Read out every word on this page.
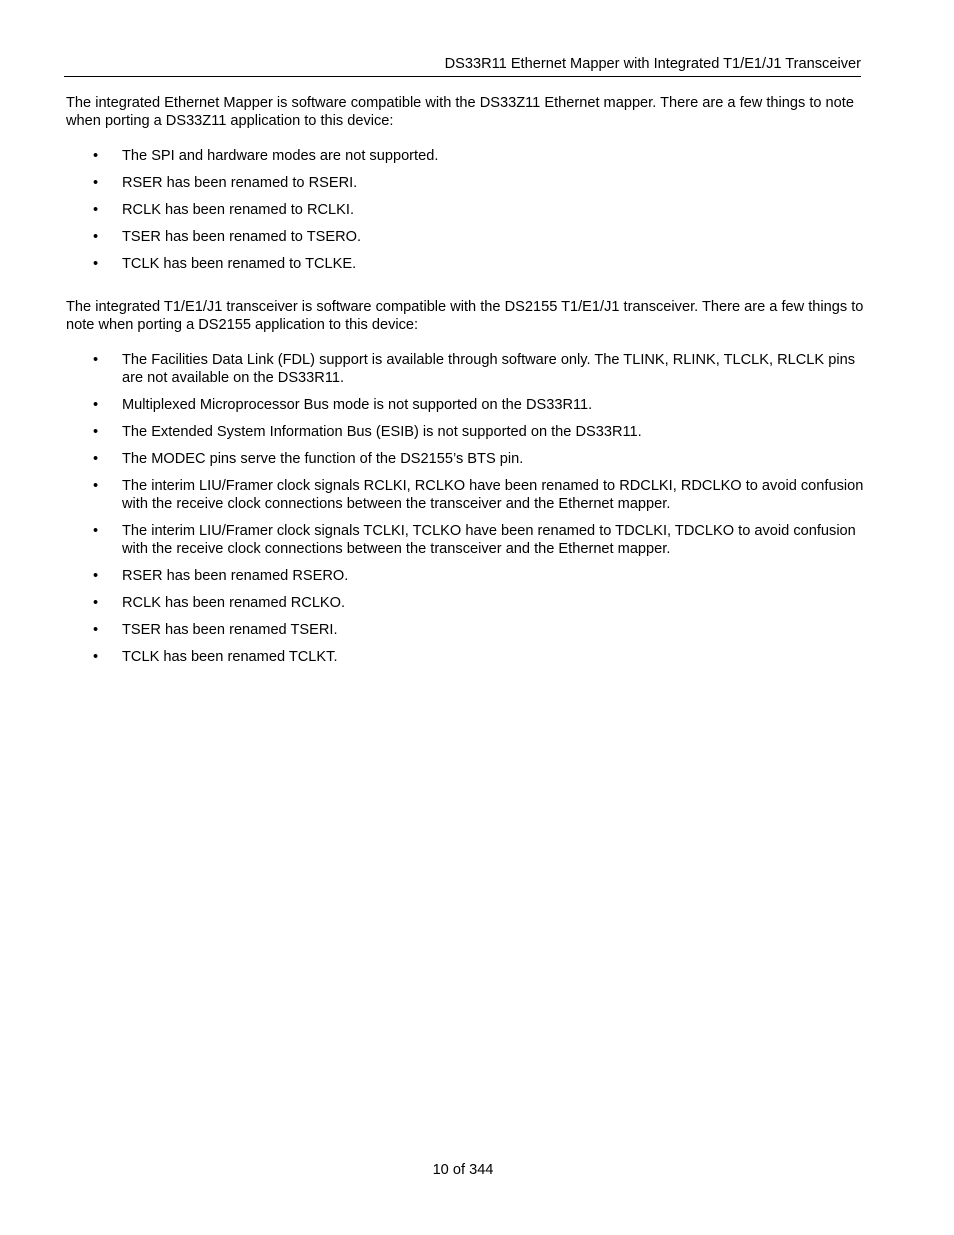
DS33R11 Ethernet Mapper with Integrated T1/E1/J1 Transceiver

The integrated Ethernet Mapper is software compatible with the DS33Z11 Ethernet mapper. There are a few things to note when porting a DS33Z11 application to this device:

• The SPI and hardware modes are not supported.
• RSER has been renamed to RSERI.
• RCLK has been renamed to RCLKI.
• TSER has been renamed to TSERO.
• TCLK has been renamed to TCLKE.

The integrated T1/E1/J1 transceiver is software compatible with the DS2155 T1/E1/J1 transceiver. There are a few things to note when porting a DS2155 application to this device:

• The Facilities Data Link (FDL) support is available through software only. The TLINK, RLINK, TLCLK, RLCLK pins are not available on the DS33R11.
• Multiplexed Microprocessor Bus mode is not supported on the DS33R11.
• The Extended System Information Bus (ESIB) is not supported on the DS33R11.
• The MODEC pins serve the function of the DS2155’s BTS pin.
• The interim LIU/Framer clock signals RCLKI, RCLKO have been renamed to RDCLKI, RDCLKO to avoid confusion with the receive clock connections between the transceiver and the Ethernet mapper.
• The interim LIU/Framer clock signals TCLKI, TCLKO have been renamed to TDCLKI, TDCLKO to avoid confusion with the receive clock connections between the transceiver and the Ethernet mapper.
• RSER has been renamed RSERO.
• RCLK has been renamed RCLKO.
• TSER has been renamed TSERI.
• TCLK has been renamed TCLKT.
10 of 344
